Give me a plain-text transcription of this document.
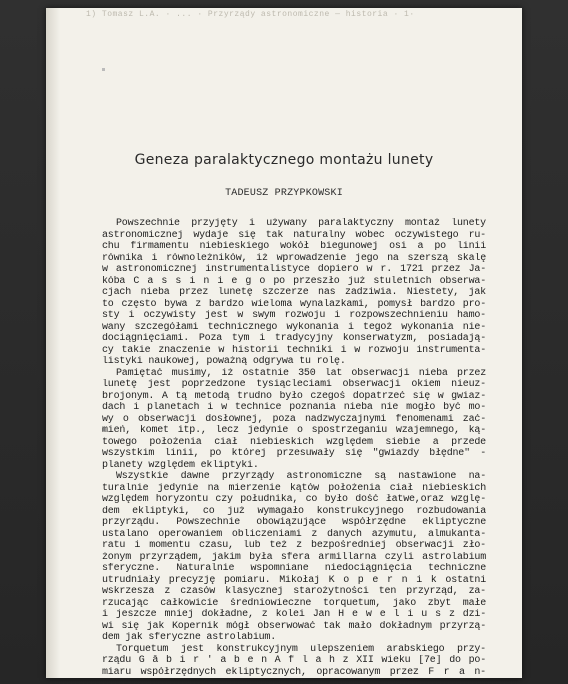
1) Tomasz L.A. · ... · Przyrządy astronomiczne — historia · 1·
Geneza paralaktycznego montażu lunety
TADEUSZ PRZYPKOWSKI
Powszechnie przyjęty i używany paralaktyczny montaż lunety
astronomicznej wydaje się tak naturalny wobec oczywistego ru-
chu firmamentu niebieskiego wokół biegunowej osi a po linii
równika i równoleżników, iż wprowadzenie jego na szerszą skalę
w astronomicznej instrumentalistyce dopiero w r. 1721 przez Ja-
kóba C a s s i n i e g o po przeszło już stuletnich obserwa-
cjach nieba przez lunetę szczerze nas zadziwia. Niestety, jak
to często bywa z bardzo wieloma wynalazkami, pomysł bardzo pro-
sty i oczywisty jest w swym rozwoju i rozpowszechnieniu hamo-
wany szczegółami technicznego wykonania i tegoż wykonania nie-
dociągnięciami. Poza tym i tradycyjny konserwatyzm, posiadają-
cy takie znaczenie w historii techniki i w rozwoju instrumenta-
listyki naukowej, poważną odgrywa tu rolę.
Pamiętać musimy, iż ostatnie 350 lat obserwacji nieba przez
lunetę jest poprzedzone tysiącleciami obserwacji okiem nieuz-
brojonym. A tą metodą trudno było czegoś dopatrzeć się w gwiaz-
dach i planetach i w technice poznania nieba nie mogło być mo-
wy o obserwacji dosłownej, poza nadzwyczajnymi fenomenami zać-
mień, komet itp., lecz jedynie o spostrzeganiu wzajemnego, ką-
towego położenia ciał niebieskich względem siebie a przede
wszystkim linii, po której przesuwały się "gwiazdy błędne" -
planety względem ekliptyki.
Wszystkie dawne przyrządy astronomiczne są nastawione na-
turalnie jedynie na mierzenie kątów położenia ciał niebieskich
względem horyzontu czy południka, co było dość łatwe,oraz wzglę-
dem ekliptyki, co już wymagało konstrukcyjnego rozbudowania
przyrządu. Powszechnie obowiązujące współrzędne ekliptyczne
ustalano operowaniem obliczeniami z danych azymutu, almukanta-
ratu i momentu czasu, lub też z bezpośredniej obserwacji zło-
żonym przyrządem, jakim była sfera armillarna czyli astrolabium
sferyczne. Naturalnie wspomniane niedociągnięcia techniczne
utrudniały precyzję pomiaru. Mikołaj K o p e r n i k ostatni
wskrzesza z czasów klasycznej starożytności ten przyrząd, za-
rzucając całkowicie średniowieczne torquetum, jako zbyt małe
i jeszcze mniej dokładne, z kolei Jan H e w e l i u s z dzi-
wi się jak Kopernik mógł obserwować tak mało dokładnym przyrzą-
dem jak sferyczne astrolabium.
Torquetum jest konstrukcyjnym ulepszeniem arabskiego przy-
rządu G ā b i r ' a b e n A f l a h z XII wieku [7e] do po-
miaru współrzędnych ekliptycznych, opracowanym przez F r a n-
